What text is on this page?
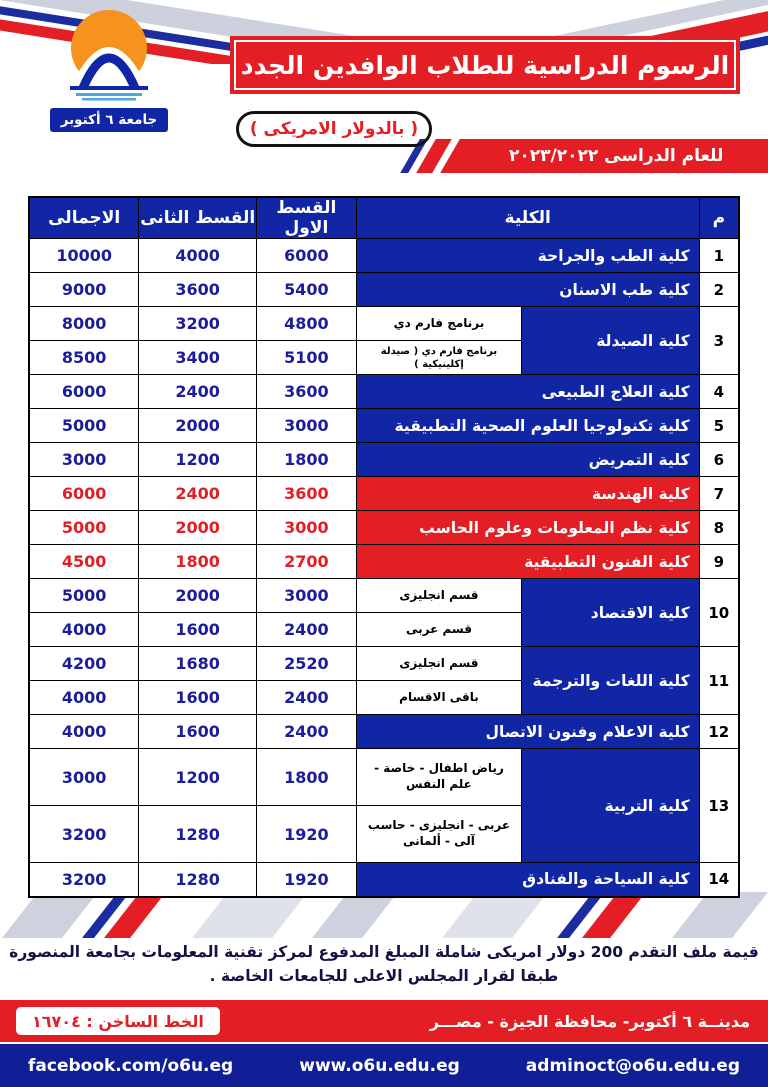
جامعة ٦ أكتوبر
الرسوم الدراسية للطلاب الوافدين الجدد
( بالدولار الامريكى )
للعام الدراسى ٢٠٢٣/٢٠٢٢
م	الكلية		القسط الاول	القسط الثانى	الاجمالى
1	كلية الطب والجراحة		6000	4000	10000
2	كلية طب الاسنان		5400	3600	9000
3	كلية الصيدلة	برنامج فارم دي	4800	3200	8000
		برنامج فارم دي ( صيدلة إكلينيكية )	5100	3400	8500
4	كلية العلاج الطبيعى		3600	2400	6000
5	كلية تكنولوجيا العلوم الصحية التطبيقية		3000	2000	5000
6	كلية التمريض		1800	1200	3000
7	كلية الهندسة		3600	2400	6000
8	كلية نظم المعلومات وعلوم الحاسب		3000	2000	5000
9	كلية الفنون التطبيقية		2700	1800	4500
10	كلية الاقتصاد	قسم انجليزى	3000	2000	5000
		قسم عربى	2400	1600	4000
11	كلية اللغات والترجمة	قسم انجليزى	2520	1680	4200
		باقى الاقسام	2400	1600	4000
12	كلية الاعلام وفنون الاتصال		2400	1600	4000
13	كلية التربية	رياض اطفال - خاصة - علم النفس	1800	1200	3000
		عربى - انجليزى - حاسب آلى - ألمانى	1920	1280	3200
14	كلية السياحة والفنادق		1920	1280	3200
قيمة ملف التقدم 200 دولار امريكى شاملة المبلغ المدفوع لمركز تقنية المعلومات بجامعة المنصورة
طبقا لقرار المجلس الاعلى للجامعات الخاصة .
مدينــة ٦ أكتوبر- محافظة الجيزة - مصـــر
الخط الساخن : ١٦٧٠٤
facebook.com/o6u.eg	www.o6u.edu.eg	adminoct@o6u.edu.eg
